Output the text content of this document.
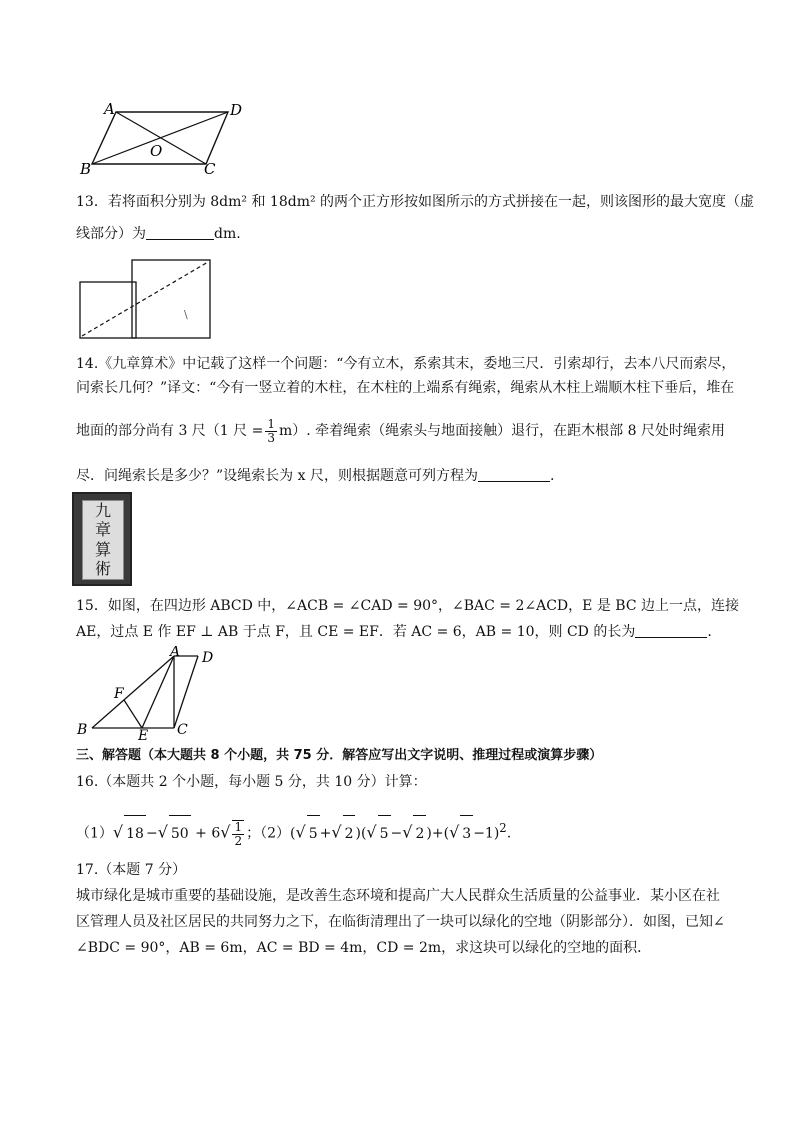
A	D
O
B	C
13．若将面积分别为 8dm² 和 18dm² 的两个正方形按如图所示的方式拼接在一起，则该图形的最大宽度（虚
线部分）为	dm.
\
14.《九章算术》中记载了这样一个问题：“今有立木，系索其末，委地三尺．引索却行，去本八尺而索尽，
问索长几何？”译文：“今有一竖立着的木柱，在木柱的上端系有绳索，绳索从木柱上端顺木柱下垂后，堆在
地面的部分尚有 3 尺（1 尺 = $\frac{1}{3} m$）. 牵着绳索（绳索头与地面接触）退行，在距木根部 8 尺处时绳索用
尽．问绳索长是多少？”设绳索长为 x 尺，则根据题意可列方程为	.
九
章
算
術
15．如图，在四边形 ABCD 中，∠ACB = ∠CAD = 90°，∠BAC = 2∠ACD，E 是 BC 边上一点，连接
AE，过点 E 作 EF ⊥ AB 于点 F，且 CE = EF．若 AC = 6，AB = 10，则 CD 的长为	.
A D
F
B	E C
三、解答题（本大题共 8 个小题，共 75 分．解答应写出文字说明、推理过程或演算步骤）
16.（本题共 2 个小题，每小题 5 分，共 10 分）计算：
（1）√ 18 −√ $50 + 6√ \frac{1}{2}$ ；（2）(√ 5 +√ 2 )(√ 5 −√ 2 )+(√ 3 −1)$^2$.
17.（本题 7 分）
城市绿化是城市重要的基础设施，是改善生态环境和提高广大人民群众生活质量的公益事业．某小区在社
区管理人员及社区居民的共同努力之下，在临街清理出了一块可以绿化的空地（阴影部分）．如图，已知∠
∠BDC = 90°，AB = 6m，AC = BD = 4m，CD = 2m，求这块可以绿化的空地的面积．
